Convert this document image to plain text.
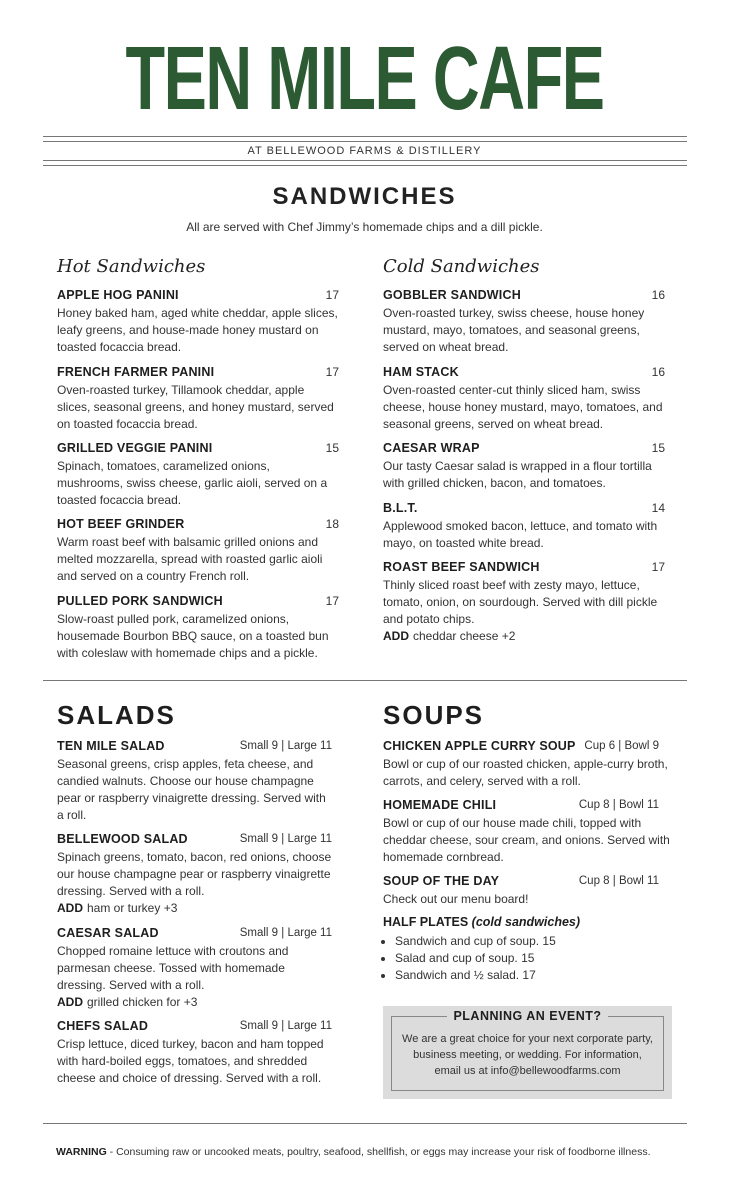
TEN MILE CAFE
AT BELLEWOOD FARMS & DISTILLERY
SANDWICHES
All are served with Chef Jimmy’s homemade chips and a dill pickle.
Hot Sandwiches	Cold Sandwiches
APPLE HOG PANINI	17
Honey baked ham, aged white cheddar, apple slices, leafy greens, and house-made honey mustard on toasted focaccia bread.
FRENCH FARMER PANINI	17
Oven-roasted turkey, Tillamook cheddar, apple slices, seasonal greens, and honey mustard, served on toasted focaccia bread.
GRILLED VEGGIE PANINI	15
Spinach, tomatoes, caramelized onions, mushrooms, swiss cheese, garlic aioli, served on a toasted focaccia bread.
HOT BEEF GRINDER	18
Warm roast beef with balsamic grilled onions and melted mozzarella, spread with roasted garlic aioli and served on a country French roll.
PULLED PORK SANDWICH	17
Slow-roast pulled pork, caramelized onions, housemade Bourbon BBQ sauce, on a toasted bun with coleslaw with homemade chips and a pickle.
GOBBLER SANDWICH	16
Oven-roasted turkey, swiss cheese, house honey mustard, mayo, tomatoes, and seasonal greens, served on wheat bread.
HAM STACK	16
Oven-roasted center-cut thinly sliced ham, swiss cheese, house honey mustard, mayo, tomatoes, and seasonal greens, served on wheat bread.
CAESAR WRAP	15
Our tasty Caesar salad is wrapped in a flour tortilla with grilled chicken, bacon, and tomatoes.
B.L.T.	14
Applewood smoked bacon, lettuce, and tomato with mayo, on toasted white bread.
ROAST BEEF SANDWICH	17
Thinly sliced roast beef with zesty mayo, lettuce, tomato, onion, on sourdough. Served with dill pickle and potato chips.
ADD cheddar cheese +2
SALADS
TEN MILE SALAD	Small 9 | Large 11
Seasonal greens, crisp apples, feta cheese, and candied walnuts. Choose our house champagne pear or raspberry vinaigrette dressing. Served with a roll.
BELLEWOOD SALAD	Small 9 | Large 11
Spinach greens, tomato, bacon, red onions, choose our house champagne pear or raspberry vinaigrette dressing. Served with a roll.
ADD ham or turkey +3
CAESAR SALAD	Small 9 | Large 11
Chopped romaine lettuce with croutons and parmesan cheese. Tossed with homemade dressing. Served with a roll.
ADD grilled chicken for +3
CHEFS SALAD	Small 9 | Large 11
Crisp lettuce, diced turkey, bacon and ham topped with hard-boiled eggs, tomatoes, and shredded cheese and choice of dressing. Served with a roll.
SOUPS
CHICKEN APPLE CURRY SOUP Cup 6 | Bowl 9
Bowl or cup of our roasted chicken, apple-curry broth, carrots, and celery, served with a roll.
HOMEMADE CHILI	Cup 8 | Bowl 11
Bowl or cup of our house made chili, topped with cheddar cheese, sour cream, and onions. Served with homemade cornbread.
SOUP OF THE DAY	Cup 8 | Bowl 11
Check out our menu board!
HALF PLATES (cold sandwiches)
• Sandwich and cup of soup. 15
• Salad and cup of soup. 15
• Sandwich and ½ salad. 17
PLANNING AN EVENT?
We are a great choice for your next corporate party, business meeting, or wedding. For information, email us at info@bellewoodfarms.com
WARNING - Consuming raw or uncooked meats, poultry, seafood, shellfish, or eggs may increase your risk of foodborne illness.
